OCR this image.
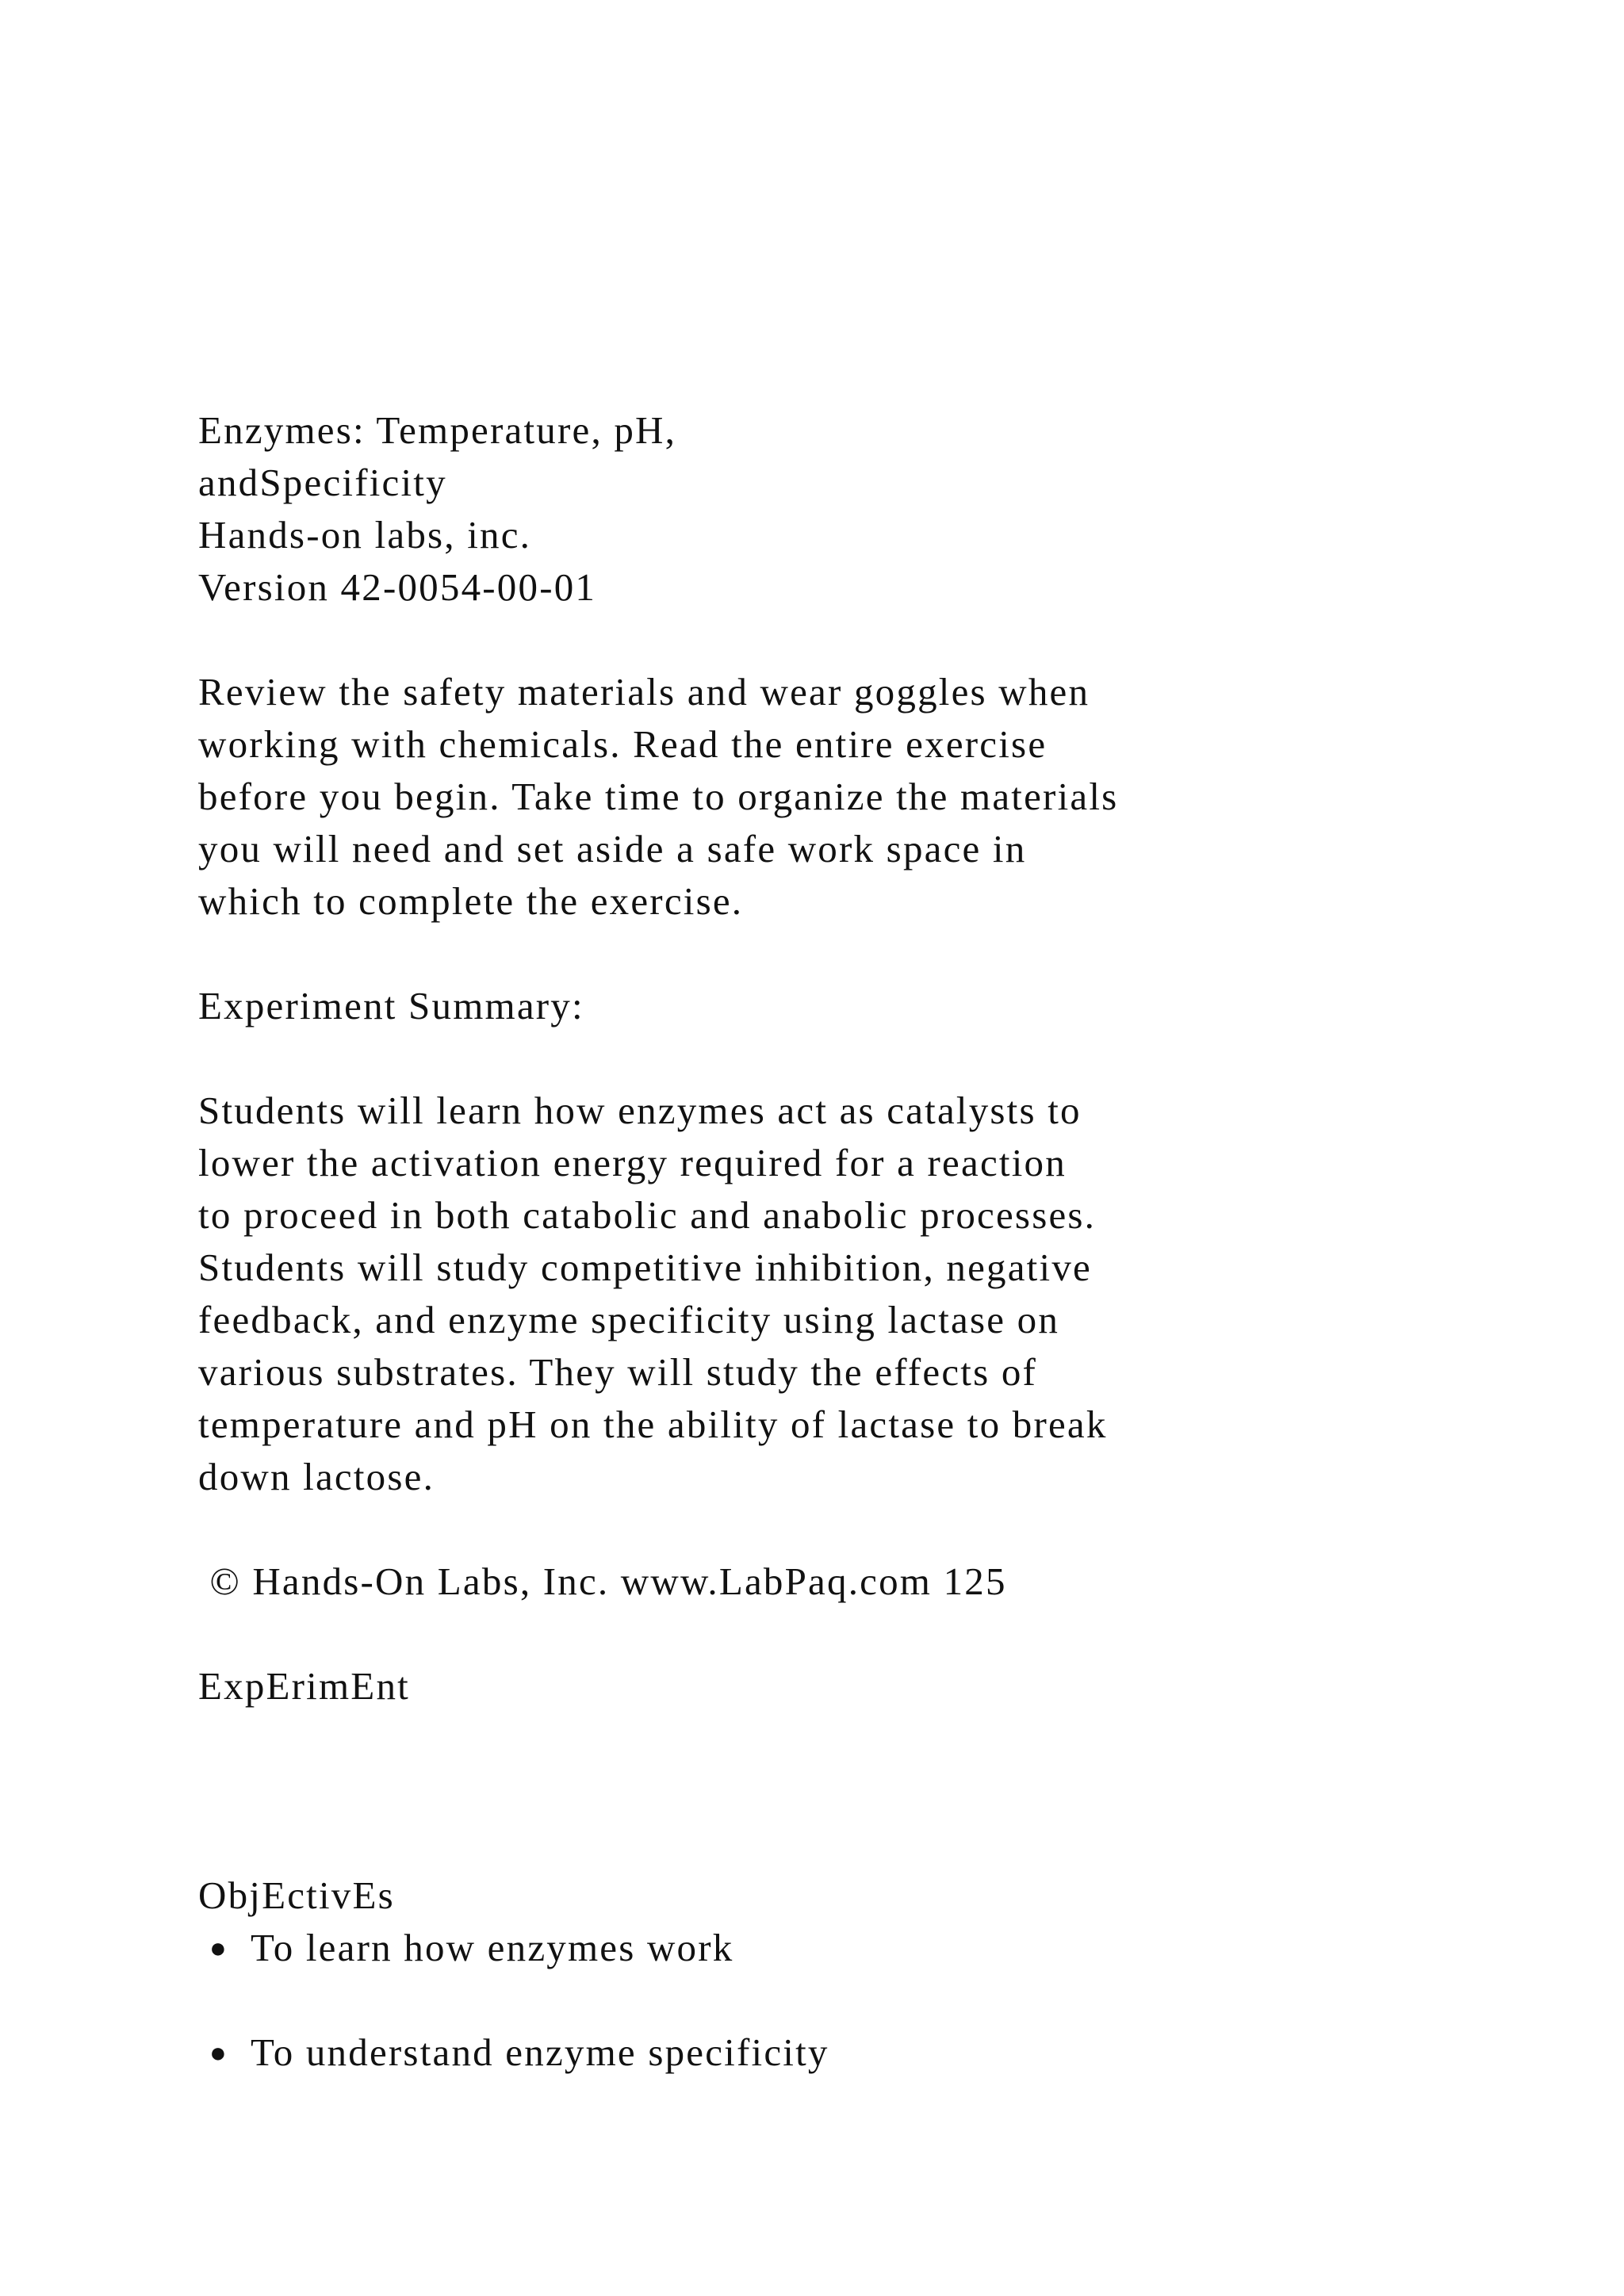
Enzymes: Temperature, pH,
andSpecificity
Hands-on labs, inc.
Version 42-0054-00-01
Review the safety materials and wear goggles when
working with chemicals. Read the entire exercise
before you begin. Take time to organize the materials
you will need and set aside a safe work space in
which to complete the exercise.
Experiment Summary:
Students will learn how enzymes act as catalysts to
lower the activation energy required for a reaction
to proceed in both catabolic and anabolic processes.
Students will study competitive inhibition, negative
feedback, and enzyme specificity using lactase on
various substrates. They will study the effects of
temperature and pH on the ability of lactase to break
down lactose.
© Hands-On Labs, Inc. www.LabPaq.com 125
ExpErimEnt
ObjEctivEs
● To learn how enzymes work
● To understand enzyme specificity
